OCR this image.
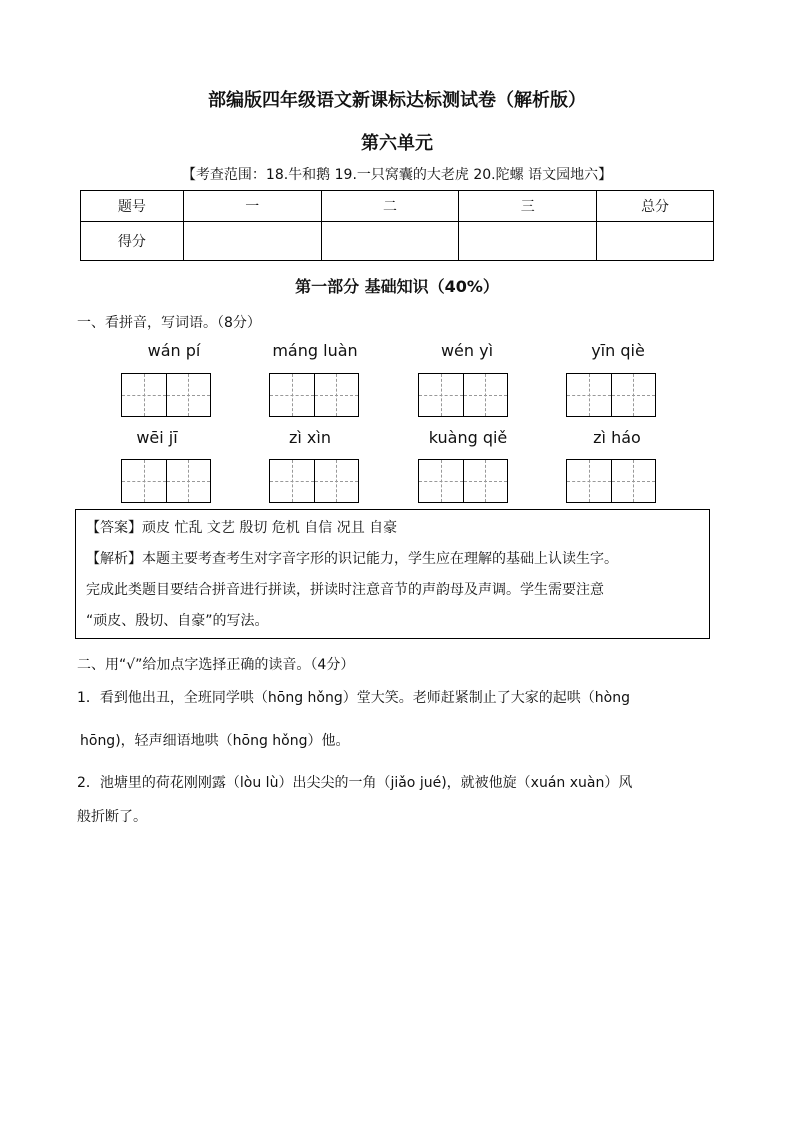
部编版四年级语文新课标达标测试卷（解析版）
第六单元
【考查范围：18.牛和鹅 19.一只窝囊的大老虎 20.陀螺 语文园地六】
题号	一	二	三	总分
得分				
第一部分 基础知识（40%）
一、看拼音，写词语。（8分）
wán pí	máng luàn	wén yì	yīn qiè
wēi jī	zì xìn	kuàng qiě	zì háo
【答案】顽皮 忙乱 文艺 殷切 危机 自信 况且 自豪
【解析】本题主要考查考生对字音字形的识记能力，学生应在理解的基础上认读生字。
完成此类题目要结合拼音进行拼读，拼读时注意音节的声韵母及声调。学生需要注意
“顽皮、殷切、自豪”的写法。
二、用“√”给加点字选择正确的读音。（4分）
1．看到他出丑，全班同学哄（hōng hǒng）堂大笑。老师赶紧制止了大家的起哄（hòng
hōng)，轻声细语地哄（hōng hǒng）他。
2．池塘里的荷花刚刚露（lòu lù）出尖尖的一角（jiǎo jué)，就被他旋（xuán xuàn）风
般折断了。
